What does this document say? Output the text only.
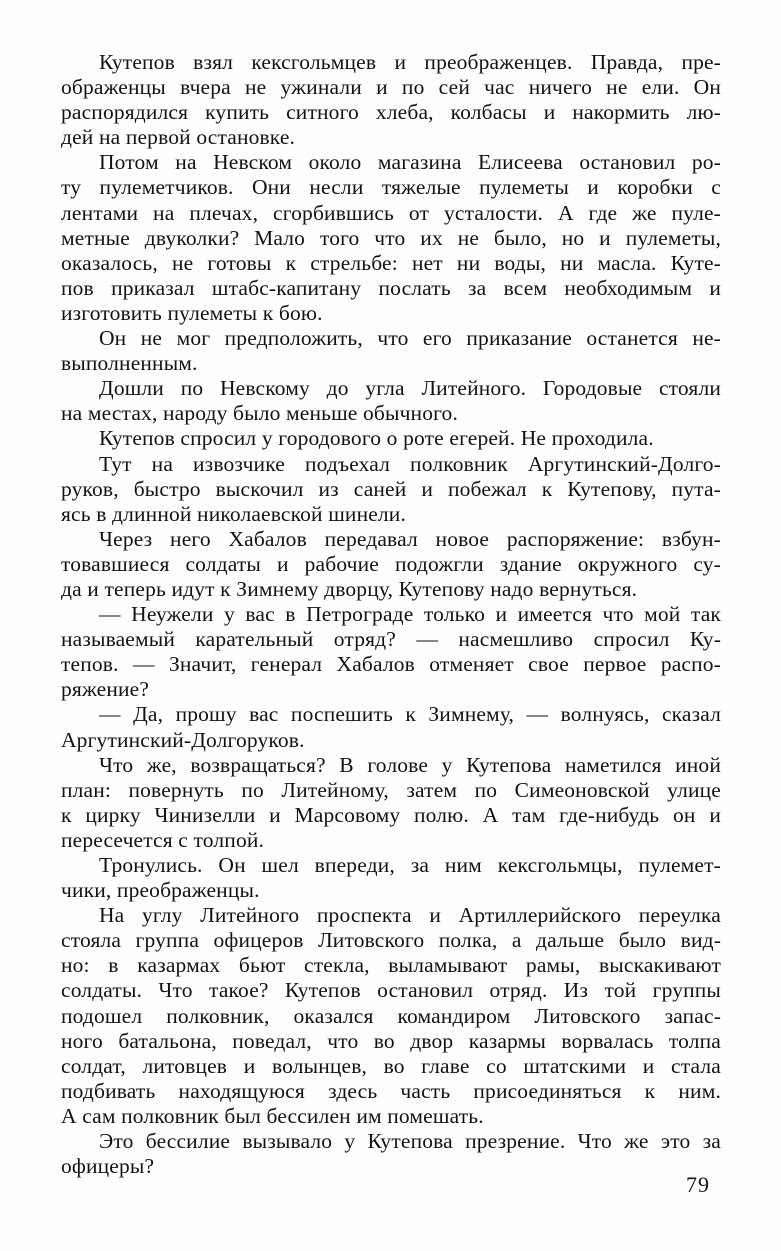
Кутепов взял кексгольмцев и преображенцев. Правда, пре-
ображенцы вчера не ужинали и по сей час ничего не ели. Он
распорядился купить ситного хлеба, колбасы и накормить лю-
дей на первой остановке.
Потом на Невском около магазина Елисеева остановил ро-
ту пулеметчиков. Они несли тяжелые пулеметы и коробки с
лентами на плечах, сгорбившись от усталости. А где же пуле-
метные двуколки? Мало того что их не было, но и пулеметы,
оказалось, не готовы к стрельбе: нет ни воды, ни масла. Куте-
пов приказал штабс-капитану послать за всем необходимым и
изготовить пулеметы к бою.
Он не мог предположить, что его приказание останется не-
выполненным.
Дошли по Невскому до угла Литейного. Городовые стояли
на местах, народу было меньше обычного.
Кутепов спросил у городового о роте егерей. Не проходила.
Тут на извозчике подъехал полковник Аргутинский-Долго-
руков, быстро выскочил из саней и побежал к Кутепову, пута-
ясь в длинной николаевской шинели.
Через него Хабалов передавал новое распоряжение: взбун-
товавшиеся солдаты и рабочие подожгли здание окружного су-
да и теперь идут к Зимнему дворцу, Кутепову надо вернуться.
— Неужели у вас в Петрограде только и имеется что мой так
называемый карательный отряд? — насмешливо спросил Ку-
тепов. — Значит, генерал Хабалов отменяет свое первое распо-
ряжение?
— Да, прошу вас поспешить к Зимнему, — волнуясь, сказал
Аргутинский-Долгоруков.
Что же, возвращаться? В голове у Кутепова наметился иной
план: повернуть по Литейному, затем по Симеоновской улице
к цирку Чинизелли и Марсовому полю. А там где-нибудь он и
пересечется с толпой.
Тронулись. Он шел впереди, за ним кексгольмцы, пулемет-
чики, преображенцы.
На углу Литейного проспекта и Артиллерийского переулка
стояла группа офицеров Литовского полка, а дальше было вид-
но: в казармах бьют стекла, выламывают рамы, выскакивают
солдаты. Что такое? Кутепов остановил отряд. Из той группы
подошел полковник, оказался командиром Литовского запас-
ного батальона, поведал, что во двор казармы ворвалась толпа
солдат, литовцев и волынцев, во главе со штатскими и стала
подбивать находящуюся здесь часть присоединяться к ним.
А сам полковник был бессилен им помешать.
Это бессилие вызывало у Кутепова презрение. Что же это за
офицеры?
79
